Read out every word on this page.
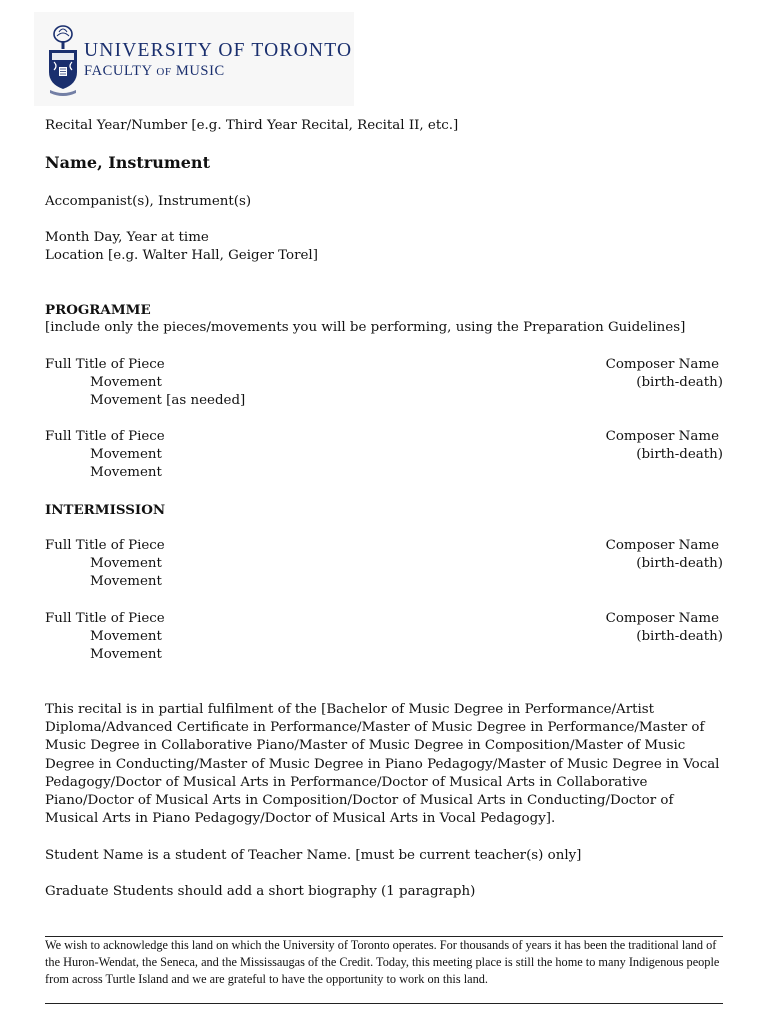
UNIVERSITY OF TORONTO
FACULTY OF MUSIC
Recital Year/Number [e.g. Third Year Recital, Recital II, etc.]
Name, Instrument
Accompanist(s), Instrument(s)
Month Day, Year at time
Location [e.g. Walter Hall, Geiger Torel]
PROGRAMME
[include only the pieces/movements you will be performing, using the Preparation Guidelines]
Full Title of Piece	Composer Name
Movement	(birth-death)
Movement [as needed]
Full Title of Piece	Composer Name
Movement	(birth-death)
Movement
INTERMISSION
Full Title of Piece	Composer Name
Movement	(birth-death)
Movement
Full Title of Piece	Composer Name
Movement	(birth-death)
Movement
This recital is in partial fulfilment of the [Bachelor of Music Degree in Performance/Artist Diploma/Advanced Certificate in Performance/Master of Music Degree in Performance/Master of Music Degree in Collaborative Piano/Master of Music Degree in Composition/Master of Music Degree in Conducting/Master of Music Degree in Piano Pedagogy/Master of Music Degree in Vocal Pedagogy/Doctor of Musical Arts in Performance/Doctor of Musical Arts in Collaborative Piano/Doctor of Musical Arts in Composition/Doctor of Musical Arts in Conducting/Doctor of Musical Arts in Piano Pedagogy/Doctor of Musical Arts in Vocal Pedagogy].
Student Name is a student of Teacher Name. [must be current teacher(s) only]
Graduate Students should add a short biography (1 paragraph)
We wish to acknowledge this land on which the University of Toronto operates. For thousands of years it has been the traditional land of the Huron-Wendat, the Seneca, and the Mississaugas of the Credit. Today, this meeting place is still the home to many Indigenous people from across Turtle Island and we are grateful to have the opportunity to work on this land.
